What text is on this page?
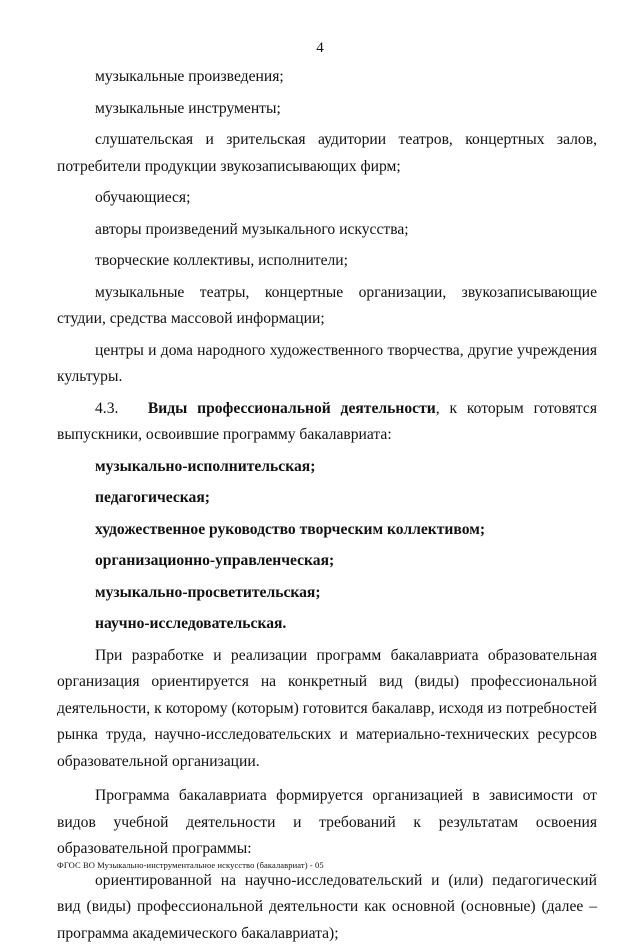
4

музыкальные произведения;

музыкальные инструменты;

слушательская и зрительская аудитории театров, концертных залов, потребители продукции звукозаписывающих фирм;

обучающиеся;

авторы произведений музыкального искусства;

творческие коллективы, исполнители;

музыкальные театры, концертные организации, звукозаписывающие студии, средства массовой информации;

центры и дома народного художественного творчества, другие учреждения культуры.

4.3. Виды профессиональной деятельности, к которым готовятся выпускники, освоившие программу бакалавриата:

музыкально-исполнительская;

педагогическая;

художественное руководство творческим коллективом;

организационно-управленческая;

музыкально-просветительская;

научно-исследовательская.

При разработке и реализации программ бакалавриата образовательная организация ориентируется на конкретный вид (виды) профессиональной деятельности, к которому (которым) готовится бакалавр, исходя из потребностей рынка труда, научно-исследовательских и материально-технических ресурсов образовательной организации.

Программа бакалавриата формируется организацией в зависимости от видов учебной деятельности и требований к результатам освоения образовательной программы:

ориентированной на научно-исследовательский и (или) педагогический вид (виды) профессиональной деятельности как основной (основные) (далее – программа академического бакалавриата);

ФГОС ВО Музыкально-инструментальное искусство (бакалавриат) - 05
